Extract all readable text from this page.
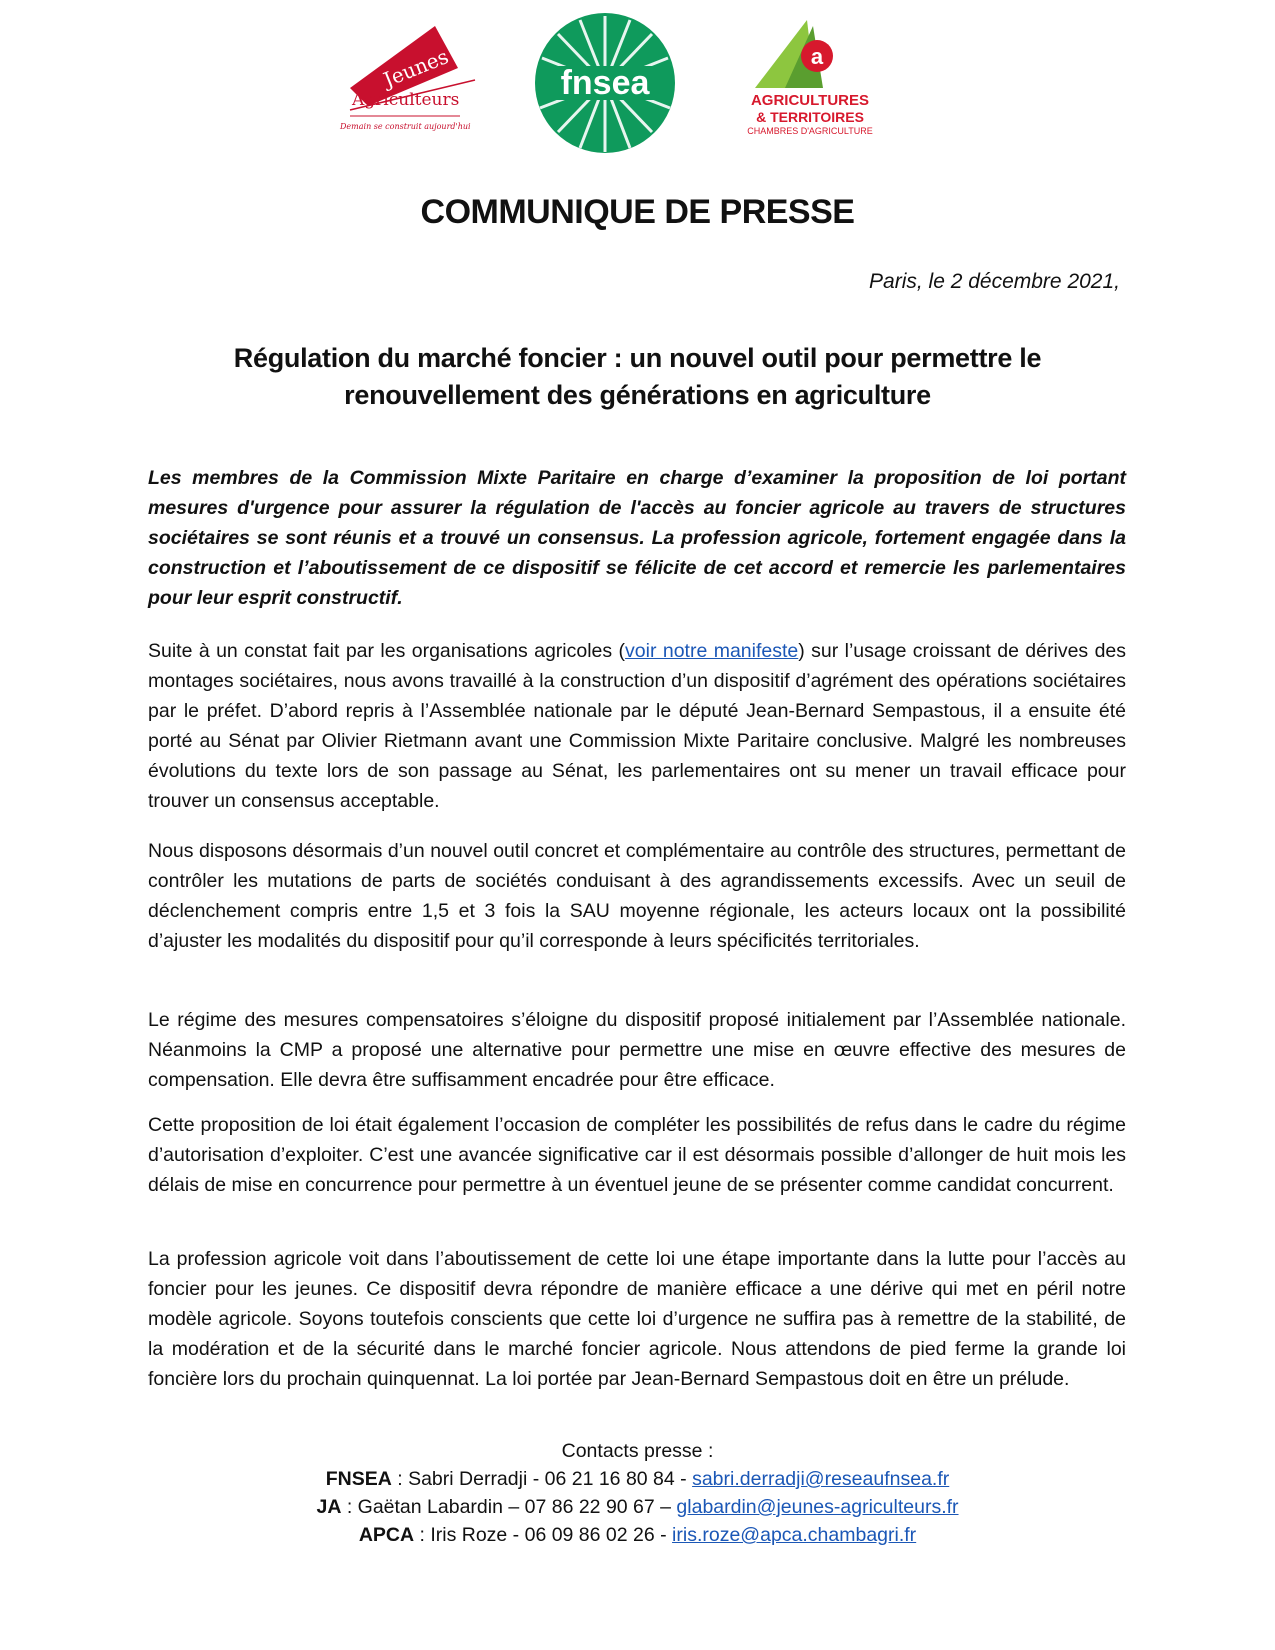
Jeunes
Agriculteurs
Demain se construit aujourd'hui
fnsea
a
AGRICULTURES
& TERRITOIRES
CHAMBRES D'AGRICULTURE
COMMUNIQUE DE PRESSE
Paris, le 2 décembre 2021,
Régulation du marché foncier : un nouvel outil pour permettre le
renouvellement des générations en agriculture
Les membres de la Commission Mixte Paritaire en charge d’examiner la proposition de loi portant mesures d'urgence pour assurer la régulation de l'accès au foncier agricole au travers de structures sociétaires se sont réunis et a trouvé un consensus. La profession agricole, fortement engagée dans la construction et l’aboutissement de ce dispositif se félicite de cet accord et remercie les parlementaires pour leur esprit constructif.
Suite à un constat fait par les organisations agricoles (voir notre manifeste) sur l’usage croissant de dérives des montages sociétaires, nous avons travaillé à la construction d’un dispositif d’agrément des opérations sociétaires par le préfet. D’abord repris à l’Assemblée nationale par le député Jean-Bernard Sempastous, il a ensuite été porté au Sénat par Olivier Rietmann avant une Commission Mixte Paritaire conclusive. Malgré les nombreuses évolutions du texte lors de son passage au Sénat, les parlementaires ont su mener un travail efficace pour trouver un consensus acceptable.
Nous disposons désormais d’un nouvel outil concret et complémentaire au contrôle des structures, permettant de contrôler les mutations de parts de sociétés conduisant à des agrandissements excessifs. Avec un seuil de déclenchement compris entre 1,5 et 3 fois la SAU moyenne régionale, les acteurs locaux ont la possibilité d’ajuster les modalités du dispositif pour qu’il corresponde à leurs spécificités territoriales.
Le régime des mesures compensatoires s’éloigne du dispositif proposé initialement par l’Assemblée nationale. Néanmoins la CMP a proposé une alternative pour permettre une mise en œuvre effective des mesures de compensation. Elle devra être suffisamment encadrée pour être efficace.
Cette proposition de loi était également l’occasion de compléter les possibilités de refus dans le cadre du régime d’autorisation d’exploiter. C’est une avancée significative car il est désormais possible d’allonger de huit mois les délais de mise en concurrence pour permettre à un éventuel jeune de se présenter comme candidat concurrent.
La profession agricole voit dans l’aboutissement de cette loi une étape importante dans la lutte pour l’accès au foncier pour les jeunes. Ce dispositif devra répondre de manière efficace a une dérive qui met en péril notre modèle agricole. Soyons toutefois conscients que cette loi d’urgence ne suffira pas à remettre de la stabilité, de la modération et de la sécurité dans le marché foncier agricole. Nous attendons de pied ferme la grande loi foncière lors du prochain quinquennat. La loi portée par Jean-Bernard Sempastous doit en être un prélude.
Contacts presse :
FNSEA : Sabri Derradji - 06 21 16 80 84 - sabri.derradji@reseaufnsea.fr
JA : Gaëtan Labardin – 07 86 22 90 67 – glabardin@jeunes-agriculteurs.fr
APCA : Iris Roze - 06 09 86 02 26 - iris.roze@apca.chambagri.fr
